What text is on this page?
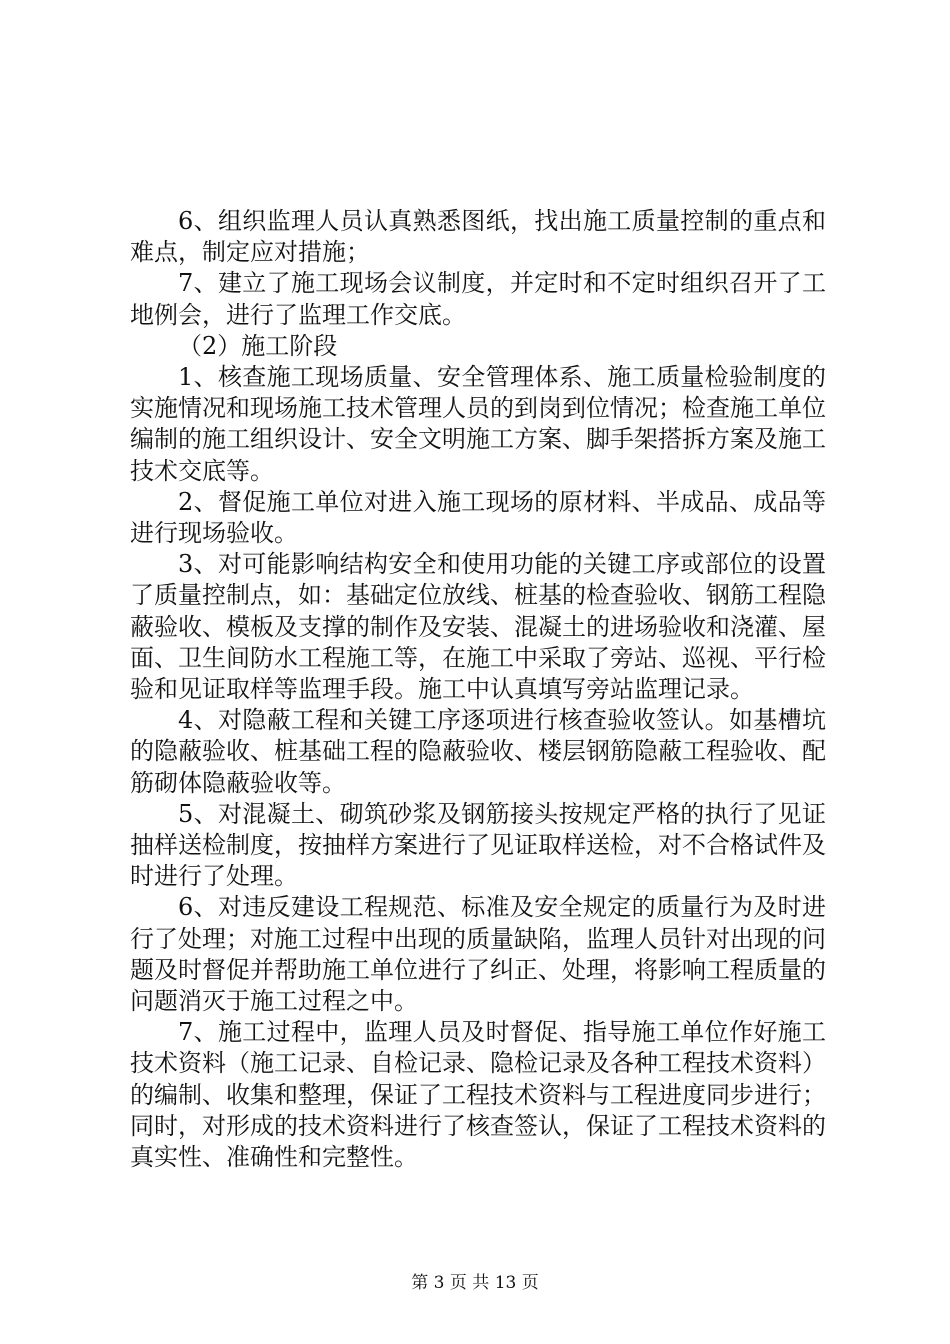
6、组织监理人员认真熟悉图纸，找出施工质量控制的重点和难点，制定应对措施；

7、建立了施工现场会议制度，并定时和不定时组织召开了工地例会，进行了监理工作交底。

（2）施工阶段

1、核查施工现场质量、安全管理体系、施工质量检验制度的实施情况和现场施工技术管理人员的到岗到位情况；检查施工单位编制的施工组织设计、安全文明施工方案、脚手架搭拆方案及施工技术交底等。

2、督促施工单位对进入施工现场的原材料、半成品、成品等进行现场验收。

3、对可能影响结构安全和使用功能的关键工序或部位的设置了质量控制点，如：基础定位放线、桩基的检查验收、钢筋工程隐蔽验收、模板及支撑的制作及安装、混凝土的进场验收和浇灌、屋面、卫生间防水工程施工等，在施工中采取了旁站、巡视、平行检验和见证取样等监理手段。施工中认真填写旁站监理记录。

4、对隐蔽工程和关键工序逐项进行核查验收签认。如基槽坑的隐蔽验收、桩基础工程的隐蔽验收、楼层钢筋隐蔽工程验收、配筋砌体隐蔽验收等。

5、对混凝土、砌筑砂浆及钢筋接头按规定严格的执行了见证抽样送检制度，按抽样方案进行了见证取样送检，对不合格试件及时进行了处理。

6、对违反建设工程规范、标准及安全规定的质量行为及时进行了处理；对施工过程中出现的质量缺陷，监理人员针对出现的问题及时督促并帮助施工单位进行了纠正、处理，将影响工程质量的问题消灭于施工过程之中。

7、施工过程中，监理人员及时督促、指导施工单位作好施工技术资料（施工记录、自检记录、隐检记录及各种工程技术资料）的编制、收集和整理，保证了工程技术资料与工程进度同步进行；同时，对形成的技术资料进行了核查签认，保证了工程技术资料的真实性、准确性和完整性。

第 3 页 共 13 页
